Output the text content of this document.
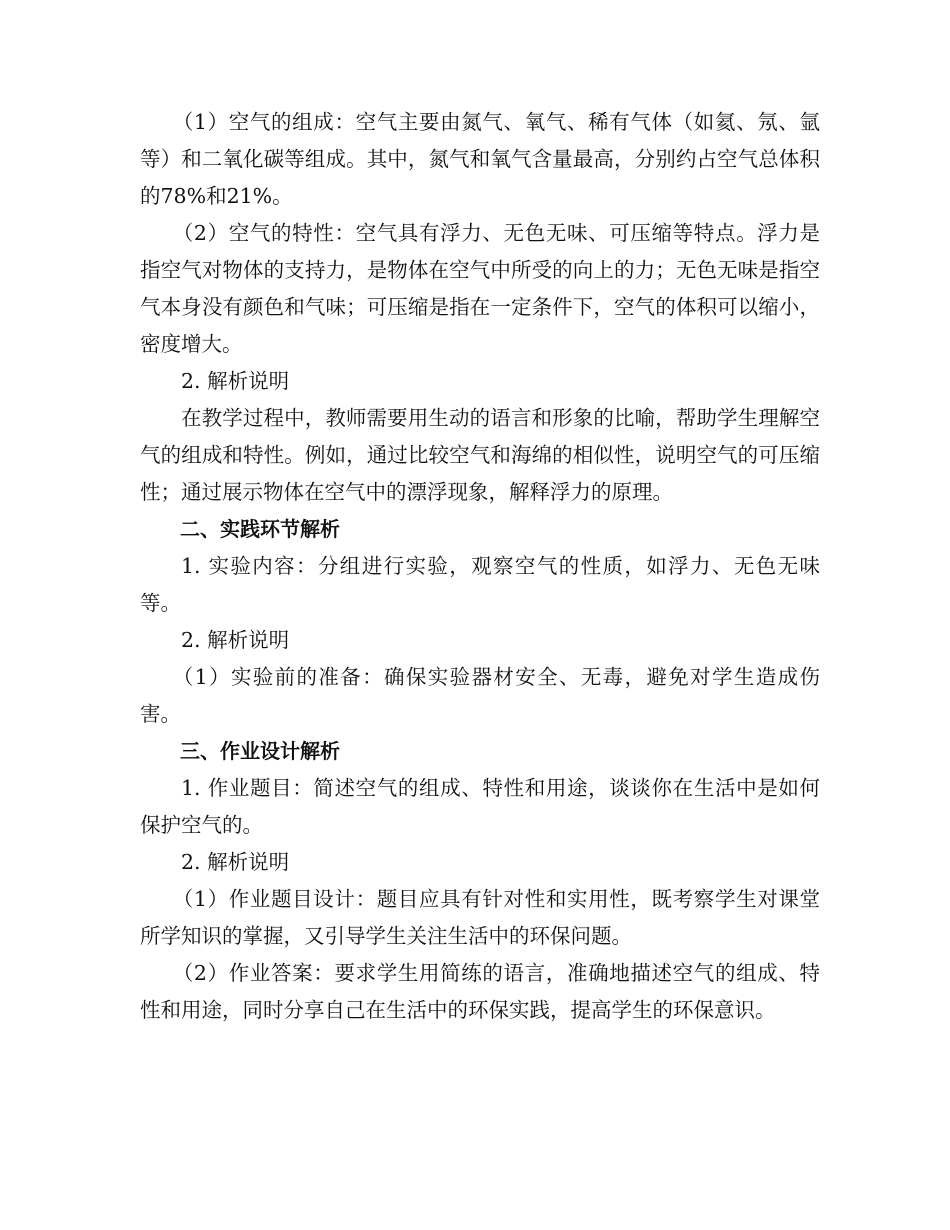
（1）空气的组成：空气主要由氮气、氧气、稀有气体（如氦、氖、氩等）和二氧化碳等组成。其中，氮气和氧气含量最高，分别约占空气总体积的78%和21%。

（2）空气的特性：空气具有浮力、无色无味、可压缩等特点。浮力是指空气对物体的支持力，是物体在空气中所受的向上的力；无色无味是指空气本身没有颜色和气味；可压缩是指在一定条件下，空气的体积可以缩小，密度增大。

2. 解析说明

在教学过程中，教师需要用生动的语言和形象的比喻，帮助学生理解空气的组成和特性。例如，通过比较空气和海绵的相似性，说明空气的可压缩性；通过展示物体在空气中的漂浮现象，解释浮力的原理。

二、实践环节解析

1. 实验内容：分组进行实验，观察空气的性质，如浮力、无色无味等。

2. 解析说明

（1）实验前的准备：确保实验器材安全、无毒，避免对学生造成伤害。

三、作业设计解析

1. 作业题目：简述空气的组成、特性和用途，谈谈你在生活中是如何保护空气的。

2. 解析说明

（1）作业题目设计：题目应具有针对性和实用性，既考察学生对课堂所学知识的掌握，又引导学生关注生活中的环保问题。

（2）作业答案：要求学生用简练的语言，准确地描述空气的组成、特性和用途，同时分享自己在生活中的环保实践，提高学生的环保意识。
